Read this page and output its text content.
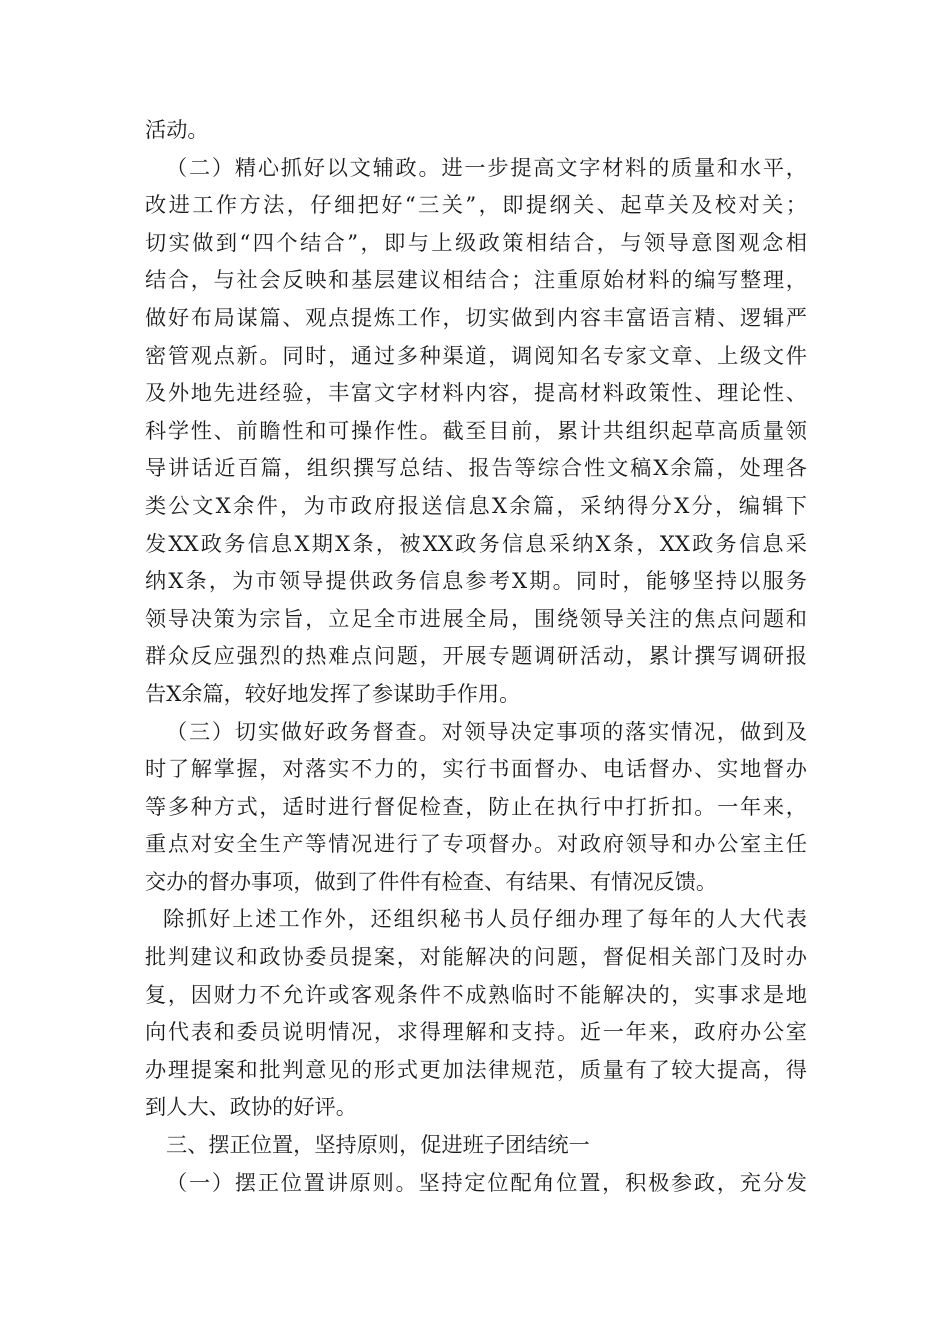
活动。
（二）精心抓好以文辅政。进一步提高文字材料的质量和水平，
改进工作方法，仔细把好“三关”，即提纲关、起草关及校对关；
切实做到“四个结合”，即与上级政策相结合，与领导意图观念相
结合，与社会反映和基层建议相结合；注重原始材料的编写整理，
做好布局谋篇、观点提炼工作，切实做到内容丰富语言精、逻辑严
密管观点新。同时，通过多种渠道，调阅知名专家文章、上级文件
及外地先进经验，丰富文字材料内容，提高材料政策性、理论性、
科学性、前瞻性和可操作性。截至目前，累计共组织起草高质量领
导讲话近百篇，组织撰写总结、报告等综合性文稿X余篇，处理各
类公文X余件，为市政府报送信息X余篇，采纳得分X分，编辑下
发XX政务信息X期X条，被XX政务信息采纳X条，XX政务信息采
纳X条，为市领导提供政务信息参考X期。同时，能够坚持以服务
领导决策为宗旨，立足全市进展全局，围绕领导关注的焦点问题和
群众反应强烈的热难点问题，开展专题调研活动，累计撰写调研报
告X余篇，较好地发挥了参谋助手作用。
（三）切实做好政务督查。对领导决定事项的落实情况，做到及
时了解掌握，对落实不力的，实行书面督办、电话督办、实地督办
等多种方式，适时进行督促检查，防止在执行中打折扣。一年来，
重点对安全生产等情况进行了专项督办。对政府领导和办公室主任
交办的督办事项，做到了件件有检查、有结果、有情况反馈。
除抓好上述工作外，还组织秘书人员仔细办理了每年的人大代表
批判建议和政协委员提案，对能解决的问题，督促相关部门及时办
复，因财力不允许或客观条件不成熟临时不能解决的，实事求是地
向代表和委员说明情况，求得理解和支持。近一年来，政府办公室
办理提案和批判意见的形式更加法律规范，质量有了较大提高，得
到人大、政协的好评。
三、摆正位置，坚持原则，促进班子团结统一
（一）摆正位置讲原则。坚持定位配角位置，积极参政，充分发
